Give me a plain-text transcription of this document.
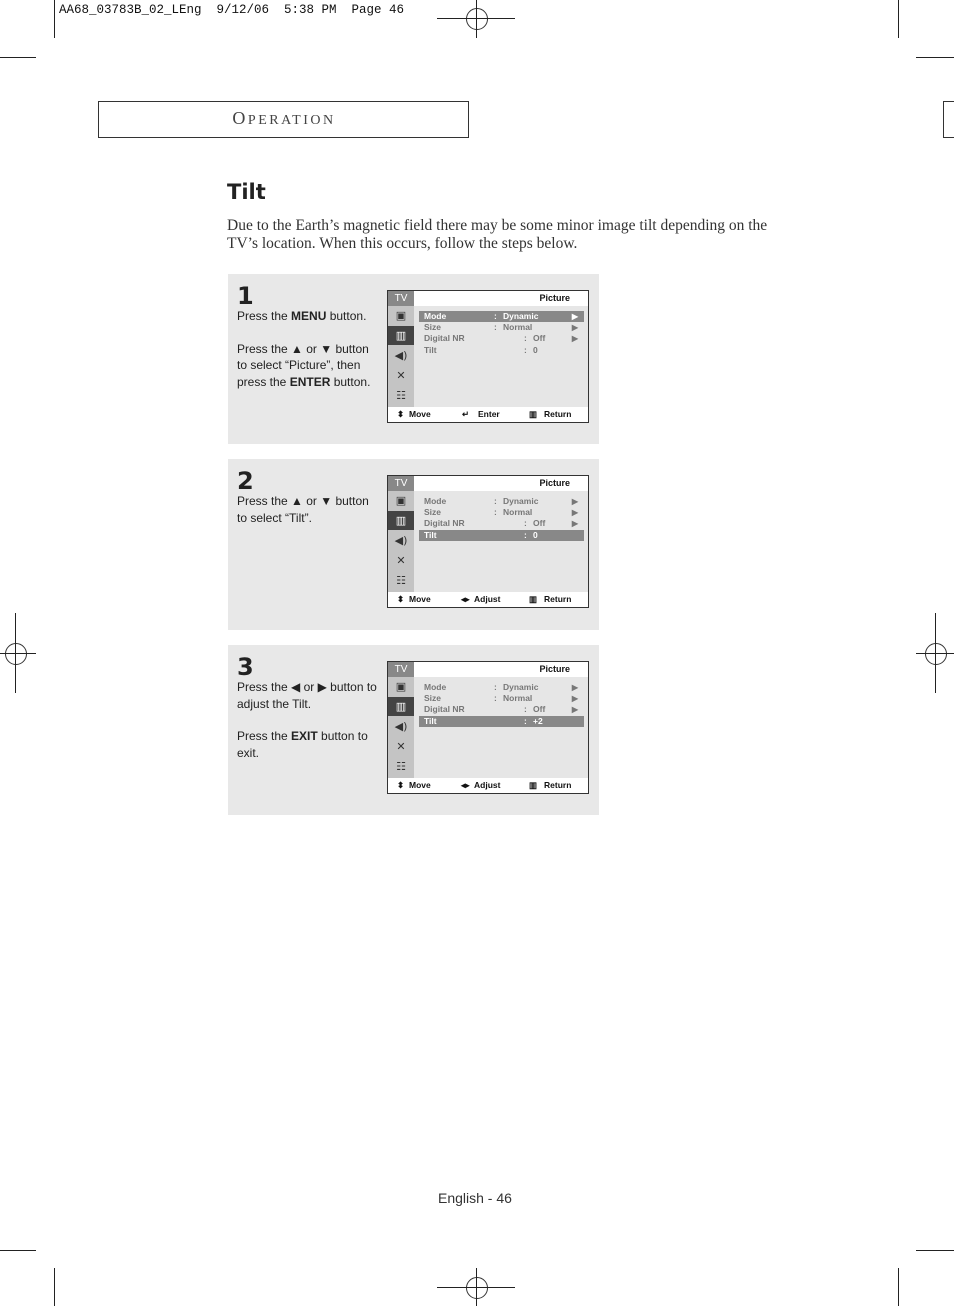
AA68_03783B_02_LEng  9/12/06  5:38 PM  Page 46
OPERATION
Tilt
Due to the Earth’s magnetic field there may be some minor image tilt depending on the TV’s location. When this occurs, follow the steps below.
1

Press the MENU button.

Press the ▲ or ▼ button to select “Picture”, then press the ENTER button.

TV
▣
▥
◀)
✕
☷
Picture
Mode	: Dynamic	▶
Size	: Normal	▶
Digital NR	: Off	▶
Tilt	: 0
⬍ Move	↵ Enter	▥ Return
2

Press the ▲ or ▼ button to select “Tilt”.

TV
▣
▥
◀)
✕
☷
Picture
Mode	: Dynamic	▶
Size	: Normal	▶
Digital NR	: Off	▶
Tilt	: 0
⬍ Move	◂▸ Adjust	▥ Return
3

Press the ◀ or ▶ button to adjust the Tilt.

Press the EXIT button to exit.

TV
▣
▥
◀)
✕
☷
Picture
Mode	: Dynamic	▶
Size	: Normal	▶
Digital NR	: Off	▶
Tilt	: +2
⬍ Move	◂▸ Adjust	▥ Return
English - 46
